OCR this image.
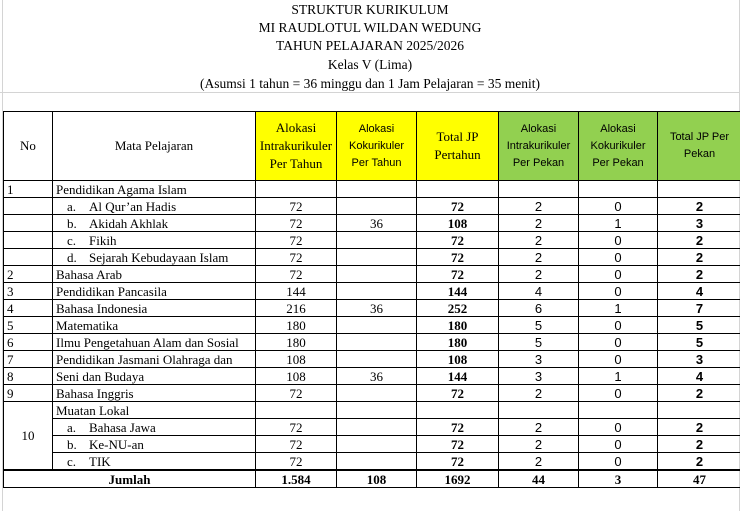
STRUKTUR KURIKULUM
MI RAUDLOTUL WILDAN WEDUNG
TAHUN PELAJARAN 2025/2026
Kelas V (Lima)
(Asumsi 1 tahun = 36 minggu dan 1 Jam Pelajaran = 35 menit)
No	Mata Pelajaran	Alokasi Intrakurikuler Per Tahun	Alokasi Kokurikuler Per Tahun	Total JP Pertahun	Alokasi Intrakurikuler Per Pekan	Alokasi Kokurikuler Per Pekan	Total JP Per Pekan
1	Pendidikan Agama Islam						
	a. Al Qur’an Hadis	72		72	2	0	2
	b. Akidah Akhlak	72	36	108	2	1	3
	c. Fikih	72		72	2	0	2
	d. Sejarah Kebudayaan Islam	72		72	2	0	2
2	Bahasa Arab	72		72	2	0	2
3	Pendidikan Pancasila	144		144	4	0	4
4	Bahasa Indonesia	216	36	252	6	1	7
5	Matematika	180		180	5	0	5
6	Ilmu Pengetahuan Alam dan Sosial	180		180	5	0	5
7	Pendidikan Jasmani Olahraga dan	108		108	3	0	3
8	Seni dan Budaya	108	36	144	3	1	4
9	Bahasa Inggris	72		72	2	0	2
10	Muatan Lokal						
	a. Bahasa Jawa	72		72	2	0	2
	b. Ke-NU-an	72		72	2	0	2
	c. TIK	72		72	2	0	2
Jumlah		1.584	108	1692	44	3	47
